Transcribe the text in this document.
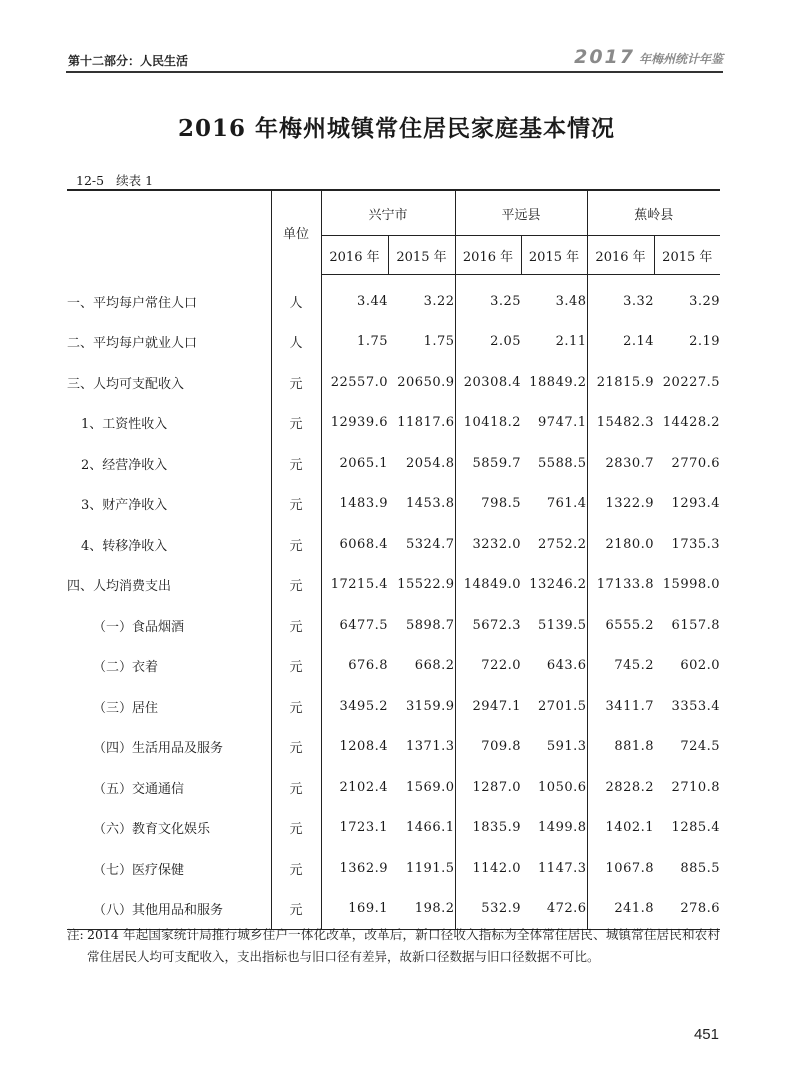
第十二部分：人民生活	2017 年梅州统计年鉴
2016 年梅州城镇常住居民家庭基本情况
12-5 续表 1
	单位	兴宁市		平远县		蕉岭县	
		2016 年	2015 年	2016 年	2015 年	2016 年	2015 年

一、平均每户常住人口	人	3.44	3.22	3.25	3.48	3.32	3.29
二、平均每户就业人口	人	1.75	1.75	2.05	2.11	2.14	2.19
三、人均可支配收入	元	22557.0	20650.9	20308.4	18849.2	21815.9	20227.5
1、工资性收入	元	12939.6	11817.6	10418.2	9747.1	15482.3	14428.2
2、经营净收入	元	2065.1	2054.8	5859.7	5588.5	2830.7	2770.6
3、财产净收入	元	1483.9	1453.8	798.5	761.4	1322.9	1293.4
4、转移净收入	元	6068.4	5324.7	3232.0	2752.2	2180.0	1735.3
四、人均消费支出	元	17215.4	15522.9	14849.0	13246.2	17133.8	15998.0
（一）食品烟酒	元	6477.5	5898.7	5672.3	5139.5	6555.2	6157.8
（二）衣着	元	676.8	668.2	722.0	643.6	745.2	602.0
（三）居住	元	3495.2	3159.9	2947.1	2701.5	3411.7	3353.4
（四）生活用品及服务	元	1208.4	1371.3	709.8	591.3	881.8	724.5
（五）交通通信	元	2102.4	1569.0	1287.0	1050.6	2828.2	2710.8
（六）教育文化娱乐	元	1723.1	1466.1	1835.9	1499.8	1402.1	1285.4
（七）医疗保健	元	1362.9	1191.5	1142.0	1147.3	1067.8	885.5
（八）其他用品和服务	元	169.1	198.2	532.9	472.6	241.8	278.6
注: 2014 年起国家统计局推行城乡住户一体化改革，改革后，新口径收入指标为全体常住居民、城镇常住居民和农村常住居民人均可支配收入，支出指标也与旧口径有差异，故新口径数据与旧口径数据不可比。
451
